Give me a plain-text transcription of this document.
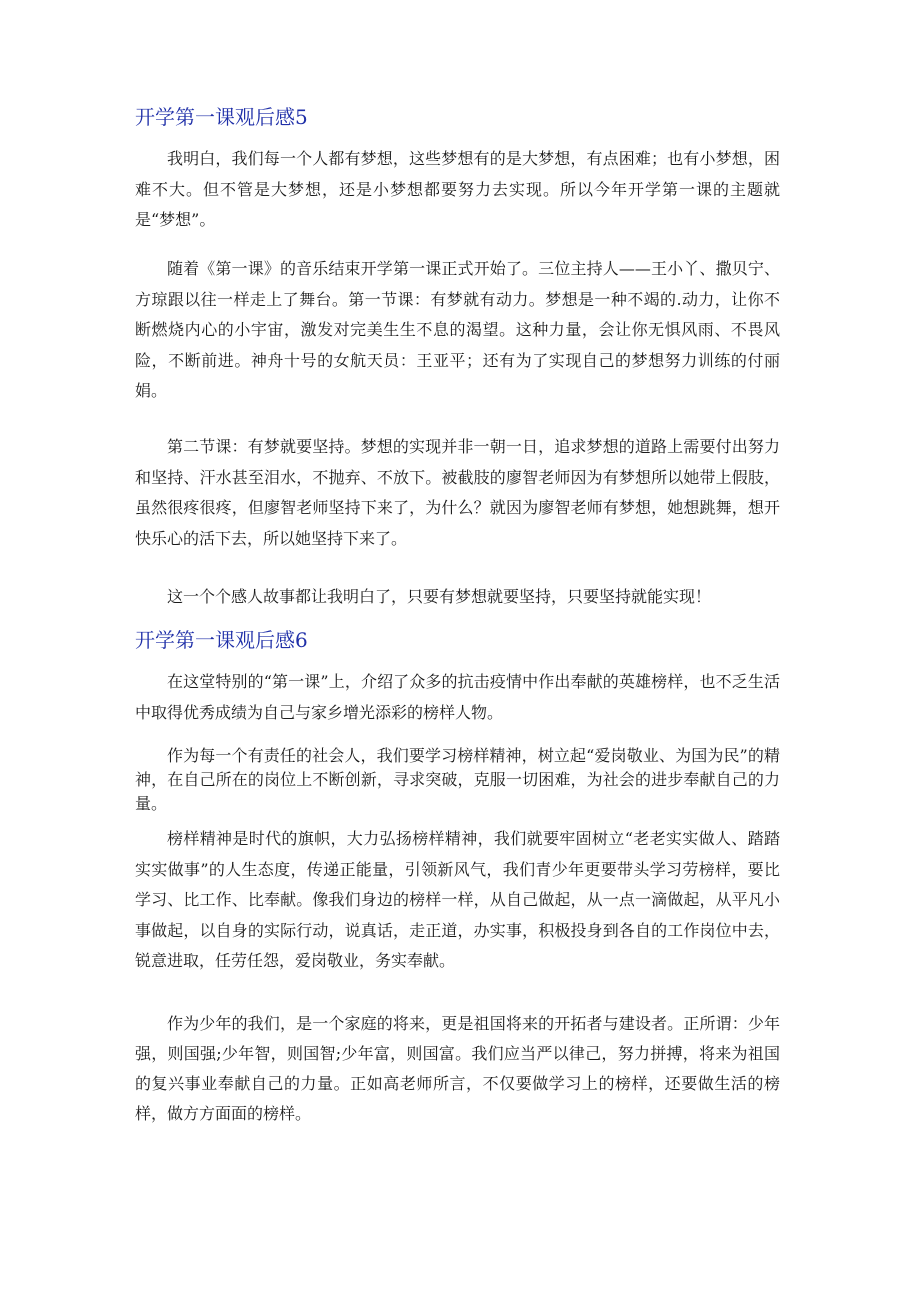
开学第一课观后感5

我明白，我们每一个人都有梦想，这些梦想有的是大梦想，有点困难；也有小梦想，困难不大。但不管是大梦想，还是小梦想都要努力去实现。所以今年开学第一课的主题就是“梦想”。

随着《第一课》的音乐结束开学第一课正式开始了。三位主持人——王小丫、撒贝宁、方琼跟以往一样走上了舞台。第一节课：有梦就有动力。梦想是一种不竭的.动力，让你不断燃烧内心的小宇宙，激发对完美生生不息的渴望。这种力量，会让你无惧风雨、不畏风险，不断前进。神舟十号的女航天员：王亚平；还有为了实现自己的梦想努力训练的付丽娟。

第二节课：有梦就要坚持。梦想的实现并非一朝一日，追求梦想的道路上需要付出努力和坚持、汗水甚至泪水，不抛弃、不放下。被截肢的廖智老师因为有梦想所以她带上假肢，虽然很疼很疼，但廖智老师坚持下来了，为什么？就因为廖智老师有梦想，她想跳舞，想开快乐心的活下去，所以她坚持下来了。

这一个个感人故事都让我明白了，只要有梦想就要坚持，只要坚持就能实现！

开学第一课观后感6

在这堂特别的“第一课”上，介绍了众多的抗击疫情中作出奉献的英雄榜样，也不乏生活中取得优秀成绩为自己与家乡增光添彩的榜样人物。

作为每一个有责任的社会人，我们要学习榜样精神，树立起“爱岗敬业、为国为民”的精神，在自己所在的岗位上不断创新，寻求突破，克服一切困难，为社会的进步奉献自己的力量。

榜样精神是时代的旗帜，大力弘扬榜样精神，我们就要牢固树立“老老实实做人、踏踏实实做事”的人生态度，传递正能量，引领新风气，我们青少年更要带头学习劳榜样，要比学习、比工作、比奉献。像我们身边的榜样一样，从自己做起，从一点一滴做起，从平凡小事做起，以自身的实际行动，说真话，走正道，办实事，积极投身到各自的工作岗位中去，锐意进取，任劳任怨，爱岗敬业，务实奉献。

作为少年的我们，是一个家庭的将来，更是祖国将来的开拓者与建设者。正所谓：少年强，则国强;少年智，则国智;少年富，则国富。我们应当严以律己，努力拼搏，将来为祖国的复兴事业奉献自己的力量。正如高老师所言，不仅要做学习上的榜样，还要做生活的榜样，做方方面面的榜样。
